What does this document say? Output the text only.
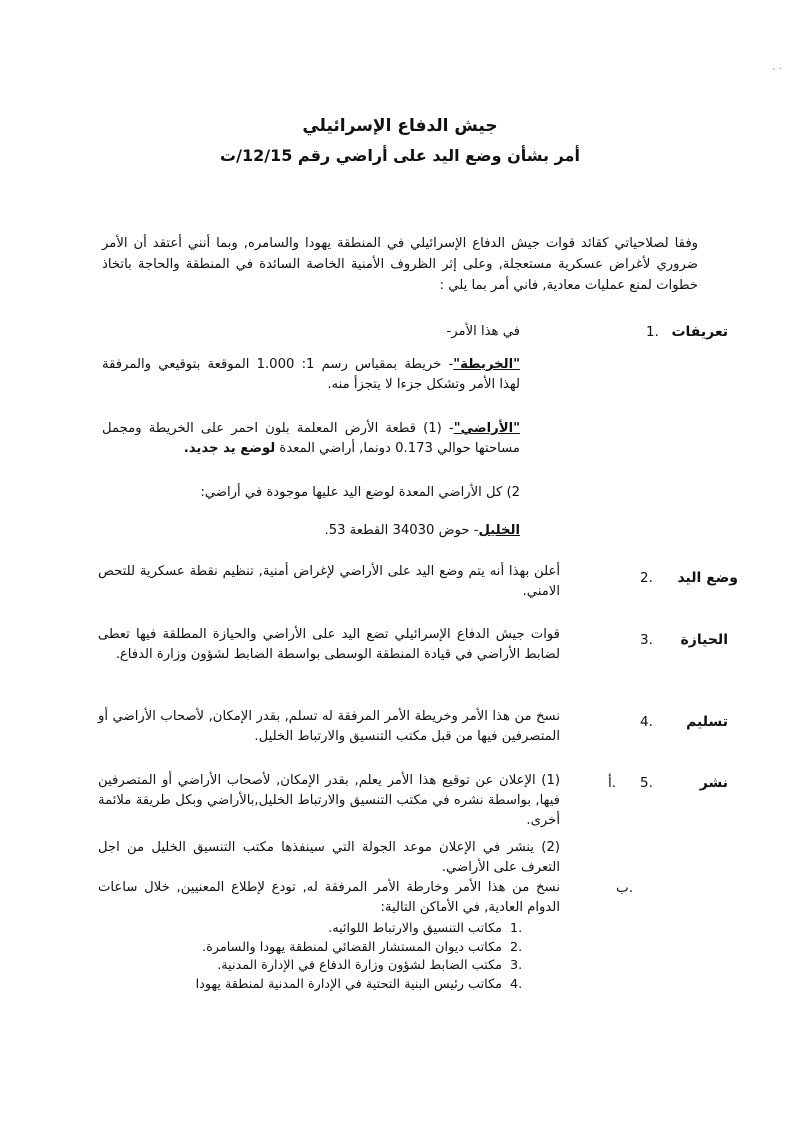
· -
جيش الدفاع الإسرائيلي
أمر بشأن وضع اليد على أراضي رقم 12/15/ت
وفقا لصلاحياتي كقائد قوات جيش الدفاع الإسرائيلي في المنطقة يهودا والسامره, وبما أنني أعتقد أن الأمر ضروري لأغراض عسكرية مستعجلة, وعلى إثر الظروف الأمنية الخاصة السائدة في المنطقة والحاجة باتخاذ خطوات لمنع عمليات معادية, فاني أمر بما يلي :
تعريفات
1.
في هذا الأمر-
"الخريطة"- خريطة بمقياس رسم 1: 1.000 الموقعة بتوقيعي والمرفقة لهذا الأمر وتشكل جزءا لا يتجزأ منه.
"الأراضي"- (1) قطعة الأرض المعلمة بلون احمر على الخريطة ومجمل مساحتها حوالي 0.173 دونما, أراضي المعدة لوضع يد جديد.
2) كل الأراضي المعدة لوضع اليد عليها موجودة في أراضي:
الخليل- حوض 34030 القطعة 53.
وضع اليد
2.
أعلن بهذا أنه يتم وضع اليد على الأراضي لإغراض أمنية, تنظيم نقطة عسكرية للتحص الامني.
الحيازة
3.
قوات جيش الدفاع الإسرائيلي تضع اليد على الأراضي والحيازة المطلقة فيها تعطى لضابط الأراضي في قيادة المنطقة الوسطى بواسطة الضابط لشؤون وزارة الدفاع.
تسليم
4.
نسخ من هذا الأمر وخريطة الأمر المرفقة له تسلم, بقدر الإمكان, لأصحاب الأراضي أو المتصرفين فيها من قبل مكتب التنسيق والارتباط الخليل.
نشر
5.
أ.
(1) الإعلان عن توقيع هذا الأمر يعلم, بقدر الإمكان, لأصحاب الأراضي أو المتصرفين فيها, بواسطة نشره في مكتب التنسيق والارتباط الخليل,بالأراضي وبكل طريقة ملائمة أخرى.
(2) ينشر في الإعلان موعد الجولة التي سينفذها مكتب التنسيق الخليل من اجل التعرف على الأراضي.
ب.
نسخ من هذا الأمر وخارطة الأمر المرفقة له, تودع لإطلاع المعنيين, خلال ساعات الدوام العادية, في الأماكن التالية:
1.
مكاتب التنسيق والارتباط اللوائيه.
2.
مكاتب ديوان المستشار القضائي لمنطقة يهودا والسامرة.
3.
مكتب الضابط لشؤون وزارة الدفاع في الإدارة المدنية.
4.
مكاتب رئيس البنية التحتية في الإدارة المدنية لمنطقة يهودا
